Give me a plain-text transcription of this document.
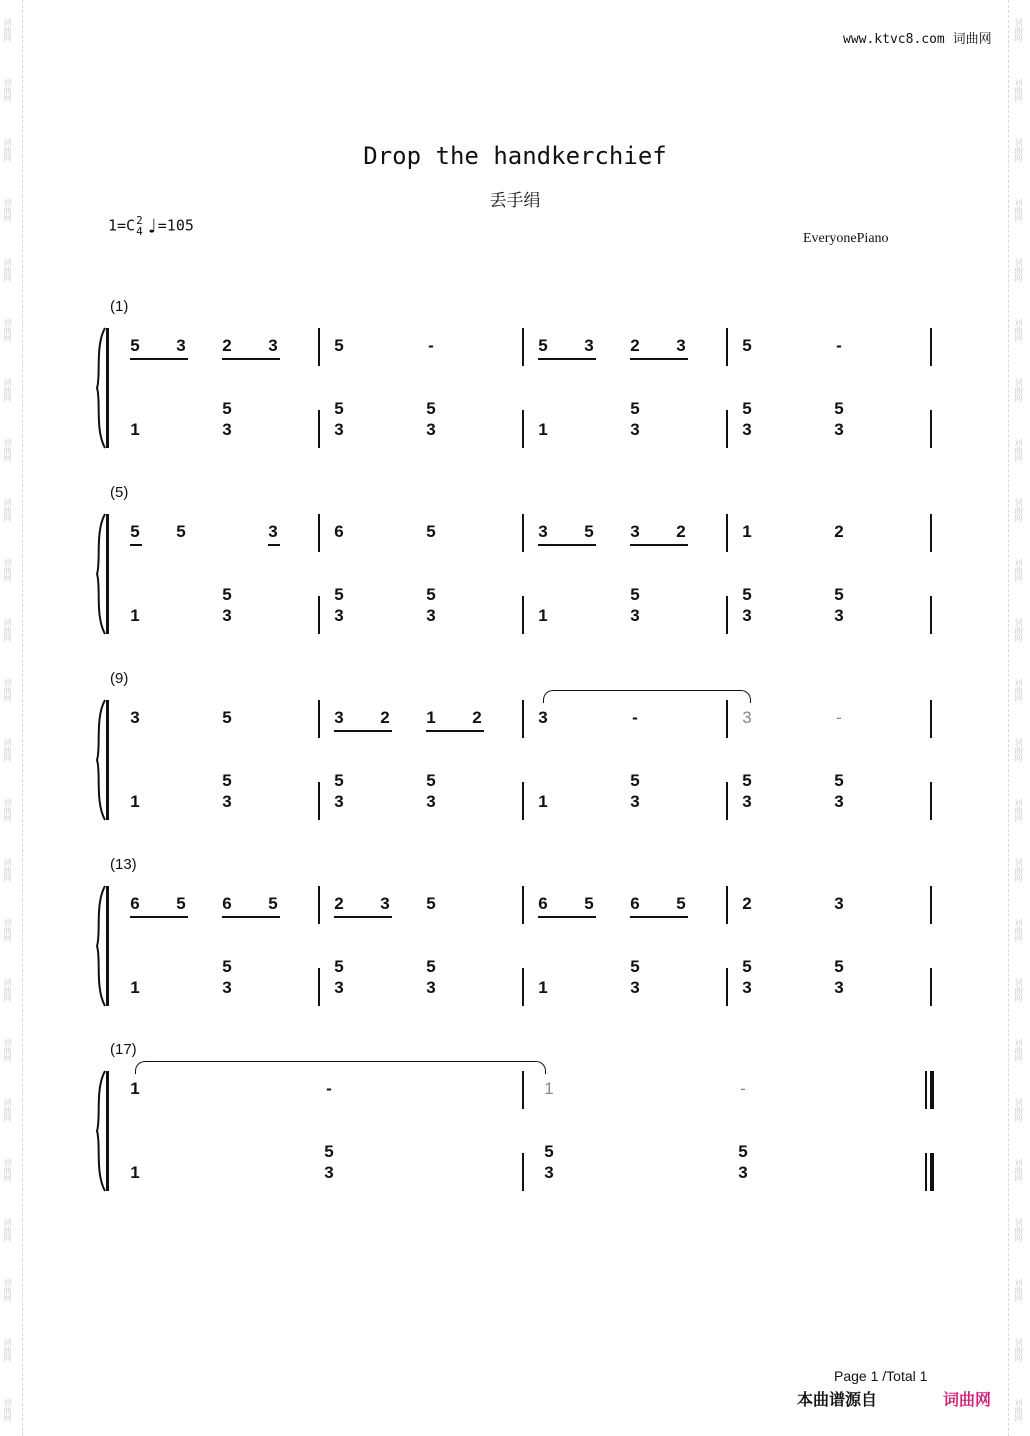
词曲网
词曲网
词曲网
词曲网
词曲网
词曲网
词曲网
词曲网
词曲网
词曲网
词曲网
词曲网
词曲网
词曲网
词曲网
词曲网
词曲网
词曲网
词曲网
词曲网
词曲网
词曲网
词曲网
词曲网
词曲网
词曲网
词曲网
词曲网
词曲网
词曲网
词曲网
词曲网
词曲网
词曲网
词曲网
词曲网
词曲网
词曲网
词曲网
词曲网
词曲网
词曲网
词曲网
词曲网
词曲网
词曲网
词曲网
词曲网
www.ktvc8.com 词曲网
Drop the handkerchief
丢手绢
1=C 2
4 ♩=105
EveryonePiano
(1)
5 3 2 3	5	-	5 3 2 3	5	-
1
5
3
5
3
5
3	1
5
3
5
3
5
3
(5)
5 5	3	6	5	3 5 3 2	1	2
1
5
3
5
3
5
3	1
5
3
5
3
5
3
(9)
3	5	3 2 1 2	3	-	3	-
1
5
3
5
3
5
3	1
5
3
5
3
5
3
(13)
6 5 6 5	2 3 5	6 5 6 5	2	3
1
5
3
5
3
5
3	1
5
3
5
3
5
3
(17)
1	-	1	-
1
5
3
5
3
5
3
Page 1 /Total 1
本曲谱源自	词曲网
